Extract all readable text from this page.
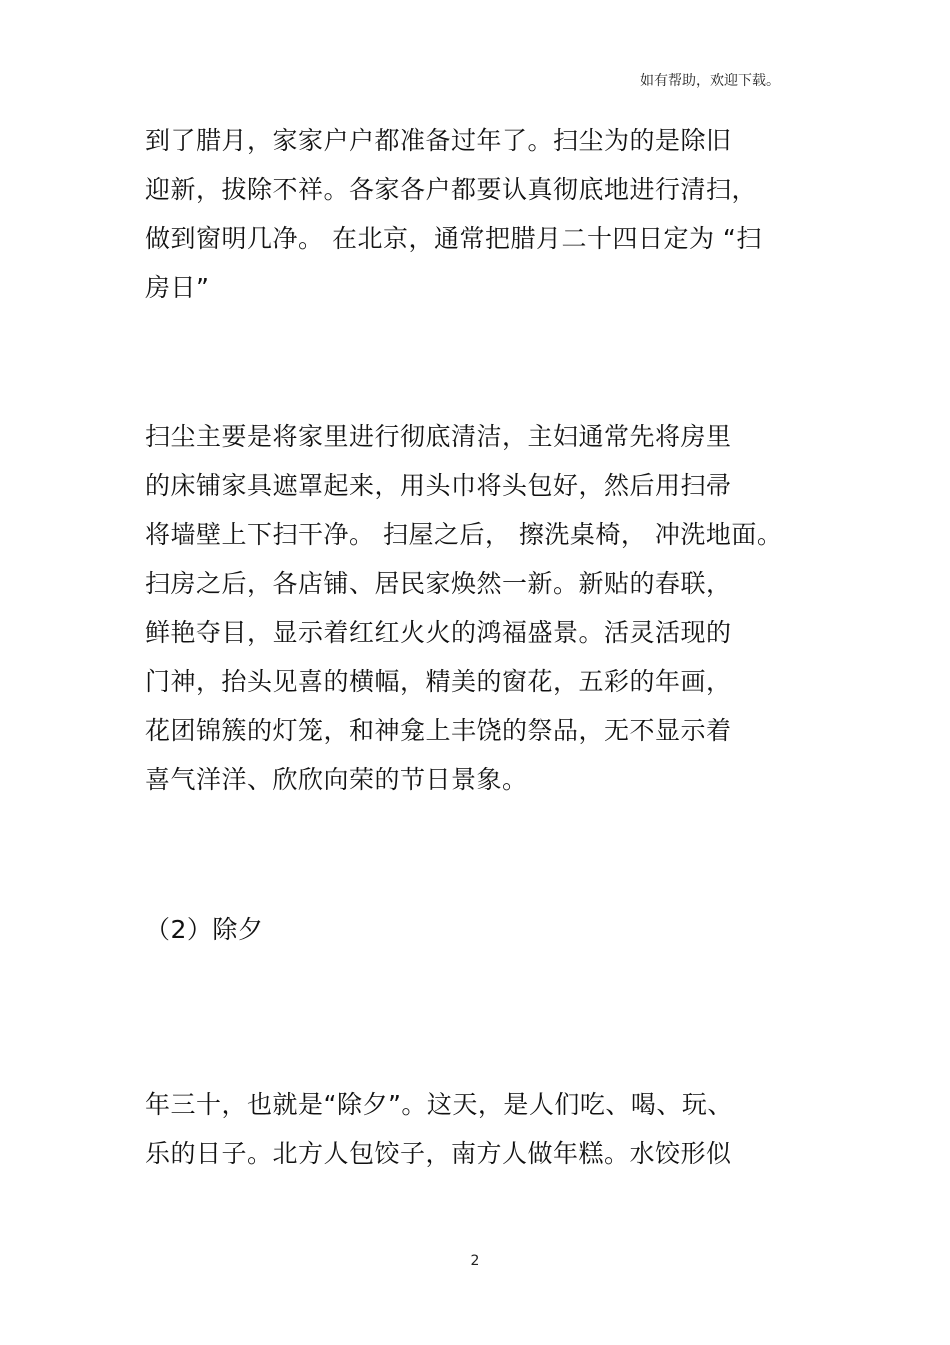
如有帮助，欢迎下载。
到了腊月，家家户户都准备过年了。扫尘为的是除旧
迎新，拔除不祥。各家各户都要认真彻底地进行清扫，
做到窗明几净。 在北京，通常把腊月二十四日定为 “扫
房日”
扫尘主要是将家里进行彻底清洁，主妇通常先将房里
的床铺家具遮罩起来，用头巾将头包好，然后用扫帚
将墙壁上下扫干净。 扫屋之后， 擦洗桌椅， 冲洗地面。
扫房之后，各店铺、居民家焕然一新。新贴的春联，
鲜艳夺目，显示着红红火火的鸿福盛景。活灵活现的
门神，抬头见喜的横幅，精美的窗花，五彩的年画，
花团锦簇的灯笼，和神龛上丰饶的祭品，无不显示着
喜气洋洋、欣欣向荣的节日景象。
（2）除夕
年三十，也就是“除夕”。这天，是人们吃、喝、玩、
乐的日子。北方人包饺子，南方人做年糕。水饺形似
2
